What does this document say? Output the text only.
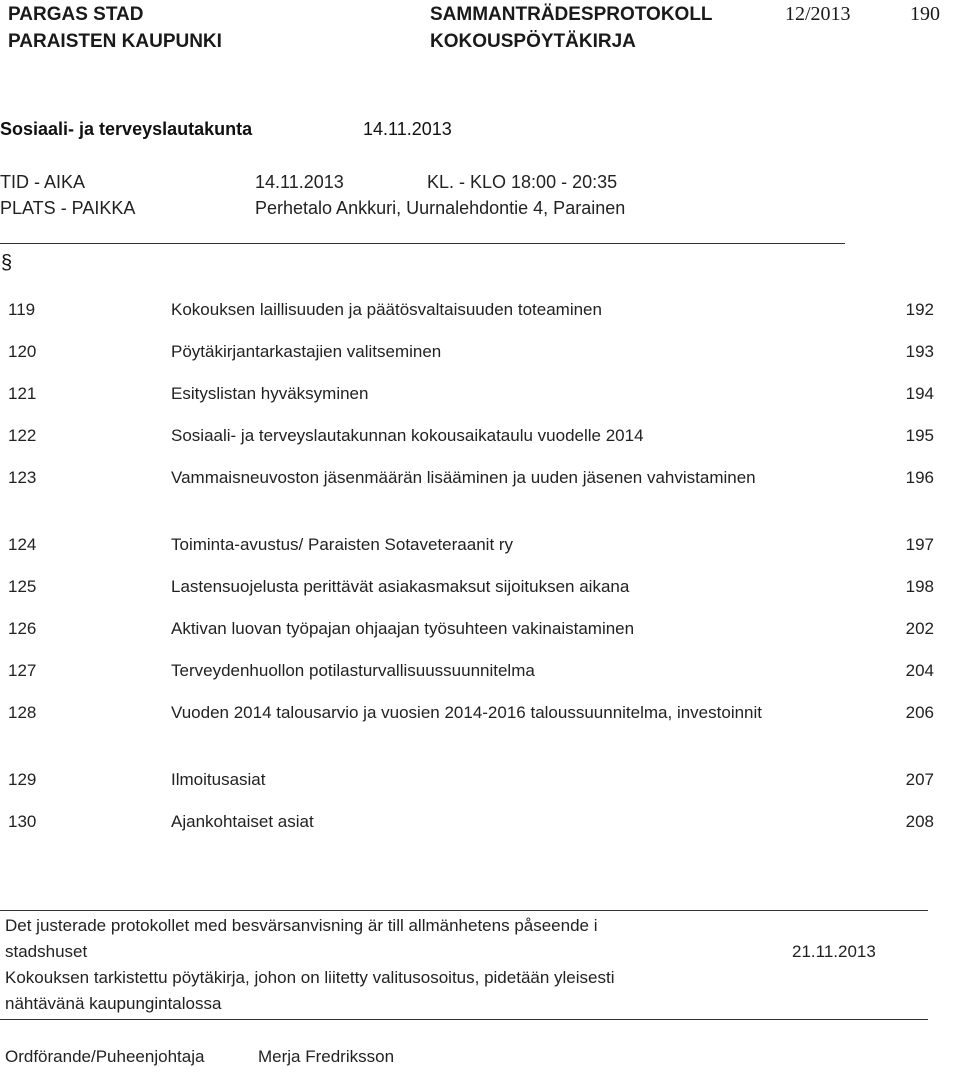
PARGAS STAD
PARAISTEN KAUPUNKI
SAMMANTRÄDESPROTOKOLL
KOKOUSPÖYTÄKIRJA
12/2013	190
Sosiaali- ja terveyslautakunta	14.11.2013
TID - AIKA	14.11.2013	KL. - KLO 18:00 - 20:35
PLATS - PAIKKA	Perhetalo Ankkuri, Uurnalehdontie 4, Parainen
§
119	Kokouksen laillisuuden ja päätösvaltaisuuden toteaminen	192
120	Pöytäkirjantarkastajien valitseminen	193
121	Esityslistan hyväksyminen	194
122	Sosiaali- ja terveyslautakunnan kokousaikataulu vuodelle 2014	195
123	Vammaisneuvoston jäsenmäärän lisääminen ja uuden jäsenen vahvistaminen	196
124	Toiminta-avustus/ Paraisten Sotaveteraanit ry	197
125	Lastensuojelusta perittävät asiakasmaksut sijoituksen aikana	198
126	Aktivan luovan työpajan ohjaajan työsuhteen vakinaistaminen	202
127	Terveydenhuollon potilasturvallisuussuunnitelma	204
128	Vuoden 2014 talousarvio ja vuosien 2014-2016 taloussuunnitelma, investoinnit	206
129	Ilmoitusasiat	207
130	Ajankohtaiset asiat	208
Det justerade protokollet med besvärsanvisning är till allmänhetens påseende i
stadshuset
Kokouksen tarkistettu pöytäkirja, johon on liitetty valitusosoitus, pidetään yleisesti
nähtävänä kaupungintalossa
21.11.2013
Ordförande/Puheenjohtaja	Merja Fredriksson
